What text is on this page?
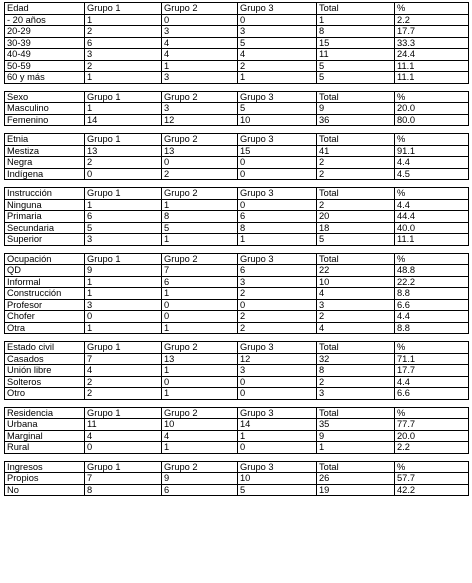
Edad	Grupo 1	Grupo 2	Grupo 3	Total	%
- 20 años	1	0	0	1	2.2
20-29	2	3	3	8	17.7
30-39	6	4	5	15	33.3
40-49	3	4	4	11	24.4
50-59	2	1	2	5	11.1
60 y más	1	3	1	5	11.1
Sexo	Grupo 1	Grupo 2	Grupo 3	Total	%
Masculino	1	3	5	9	20.0
Femenino	14	12	10	36	80.0
Etnia	Grupo 1	Grupo 2	Grupo 3	Total	%
Mestiza	13	13	15	41	91.1
Negra	2	0	0	2	4.4
Indígena	0	2	0	2	4.5
Instrucción	Grupo 1	Grupo 2	Grupo 3	Total	%
Ninguna	1	1	0	2	4.4
Primaria	6	8	6	20	44.4
Secundaria	5	5	8	18	40.0
Superior	3	1	1	5	11.1
Ocupación	Grupo 1	Grupo 2	Grupo 3	Total	%
QD	9	7	6	22	48.8
Informal	1	6	3	10	22.2
Construcción	1	1	2	4	8.8
Profesor	3	0	0	3	6.6
Chofer	0	0	2	2	4.4
Otra	1	1	2	4	8.8
Estado civil	Grupo 1	Grupo 2	Grupo 3	Total	%
Casados	7	13	12	32	71.1
Unión libre	4	1	3	8	17.7
Solteros	2	0	0	2	4.4
Otro	2	1	0	3	6.6
Residencia	Grupo 1	Grupo 2	Grupo 3	Total	%
Urbana	11	10	14	35	77.7
Marginal	4	4	1	9	20.0
Rural	0	1	0	1	2.2
Ingresos	Grupo 1	Grupo 2	Grupo 3	Total	%
Propios	7	9	10	26	57.7
No	8	6	5	19	42.2
